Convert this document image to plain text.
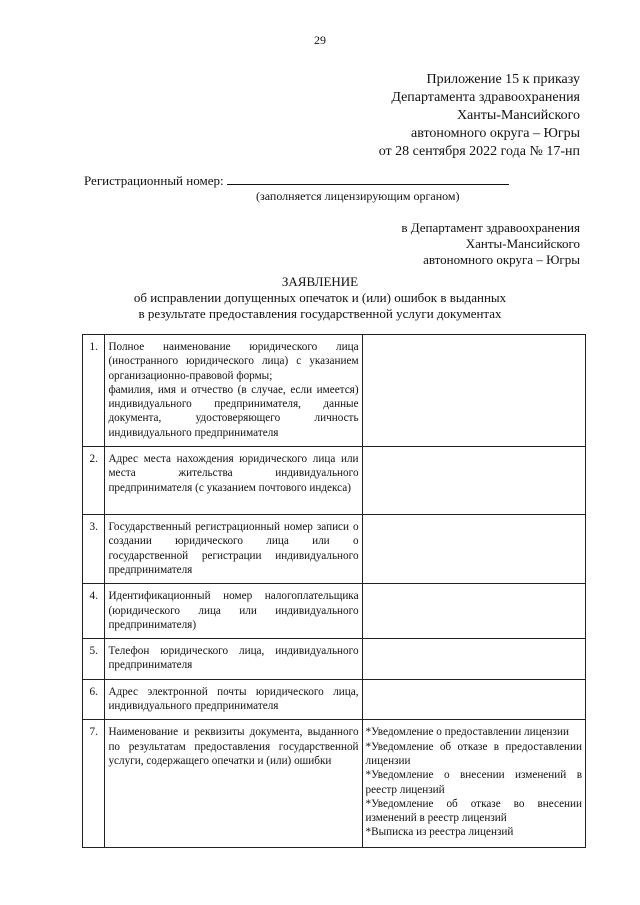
29
Приложение 15 к приказу
Департамента здравоохранения
Ханты-Мансийского
автономного округа – Югры
от 28 сентября 2022 года № 17-нп
Регистрационный номер:
(заполняется лицензирующим органом)
в Департамент здравоохранения
Ханты-Мансийского
автономного округа – Югры
ЗАЯВЛЕНИЕ
об исправлении допущенных опечаток и (или) ошибок в выданных
в результате предоставления государственной услуги документах
1.	Полное наименование юридического лица (иностранного юридического лица) с указанием организационно-правовой формы;
фамилия, имя и отчество (в случае, если имеется) индивидуального предпринимателя, данные документа, удостоверяющего личность индивидуального предпринимателя	
2.	Адрес места нахождения юридического лица или места жительства индивидуального предпринимателя (с указанием почтового индекса)	
3.	Государственный регистрационный номер записи о создании юридического лица или о государственной регистрации индивидуального предпринимателя	
4.	Идентификационный номер налогоплательщика (юридического лица или индивидуального предпринимателя)	
5.	Телефон юридического лица, индивидуального предпринимателя	
6.	Адрес электронной почты юридического лица, индивидуального предпринимателя	
7.	Наименование и реквизиты документа, выданного по результатам предоставления государственной услуги, содержащего опечатки и (или) ошибки	*Уведомление о предоставлении лицензии
*Уведомление об отказе в предоставлении лицензии
*Уведомление о внесении изменений в реестр лицензий
*Уведомление об отказе во внесении изменений в реестр лицензий
*Выписка из реестра лицензий
